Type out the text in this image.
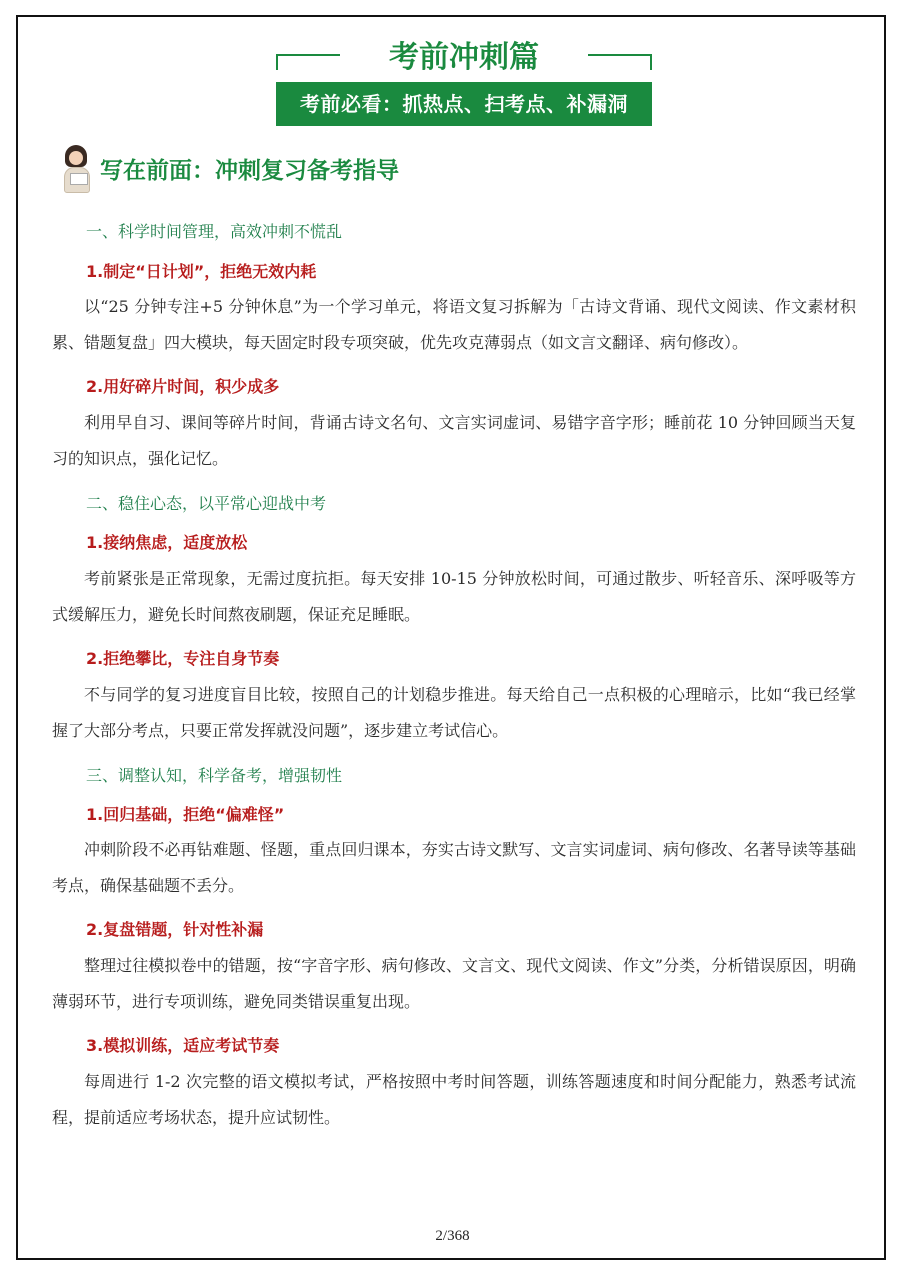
考前冲刺篇
考前必看：抓热点、扫考点、补漏洞
写在前面：冲刺复习备考指导
一、科学时间管理，高效冲刺不慌乱
1.制定“日计划”，拒绝无效内耗
以“25 分钟专注+5 分钟休息”为一个学习单元，将语文复习拆解为「古诗文背诵、现代文阅读、作文素材积累、错题复盘」四大模块，每天固定时段专项突破，优先攻克薄弱点（如文言文翻译、病句修改）。
2.用好碎片时间，积少成多
利用早自习、课间等碎片时间，背诵古诗文名句、文言实词虚词、易错字音字形；睡前花 10 分钟回顾当天复习的知识点，强化记忆。
二、稳住心态，以平常心迎战中考
1.接纳焦虑，适度放松
考前紧张是正常现象，无需过度抗拒。每天安排 10-15 分钟放松时间，可通过散步、听轻音乐、深呼吸等方式缓解压力，避免长时间熬夜刷题，保证充足睡眠。
2.拒绝攀比，专注自身节奏
不与同学的复习进度盲目比较，按照自己的计划稳步推进。每天给自己一点积极的心理暗示，比如“我已经掌握了大部分考点，只要正常发挥就没问题”，逐步建立考试信心。
三、调整认知，科学备考，增强韧性
1.回归基础，拒绝“偏难怪”
冲刺阶段不必再钻难题、怪题，重点回归课本，夯实古诗文默写、文言实词虚词、病句修改、名著导读等基础考点，确保基础题不丢分。
2.复盘错题，针对性补漏
整理过往模拟卷中的错题，按“字音字形、病句修改、文言文、现代文阅读、作文”分类，分析错误原因，明确薄弱环节，进行专项训练，避免同类错误重复出现。
3.模拟训练，适应考试节奏
每周进行 1-2 次完整的语文模拟考试，严格按照中考时间答题，训练答题速度和时间分配能力，熟悉考试流程，提前适应考场状态，提升应试韧性。
2/368
